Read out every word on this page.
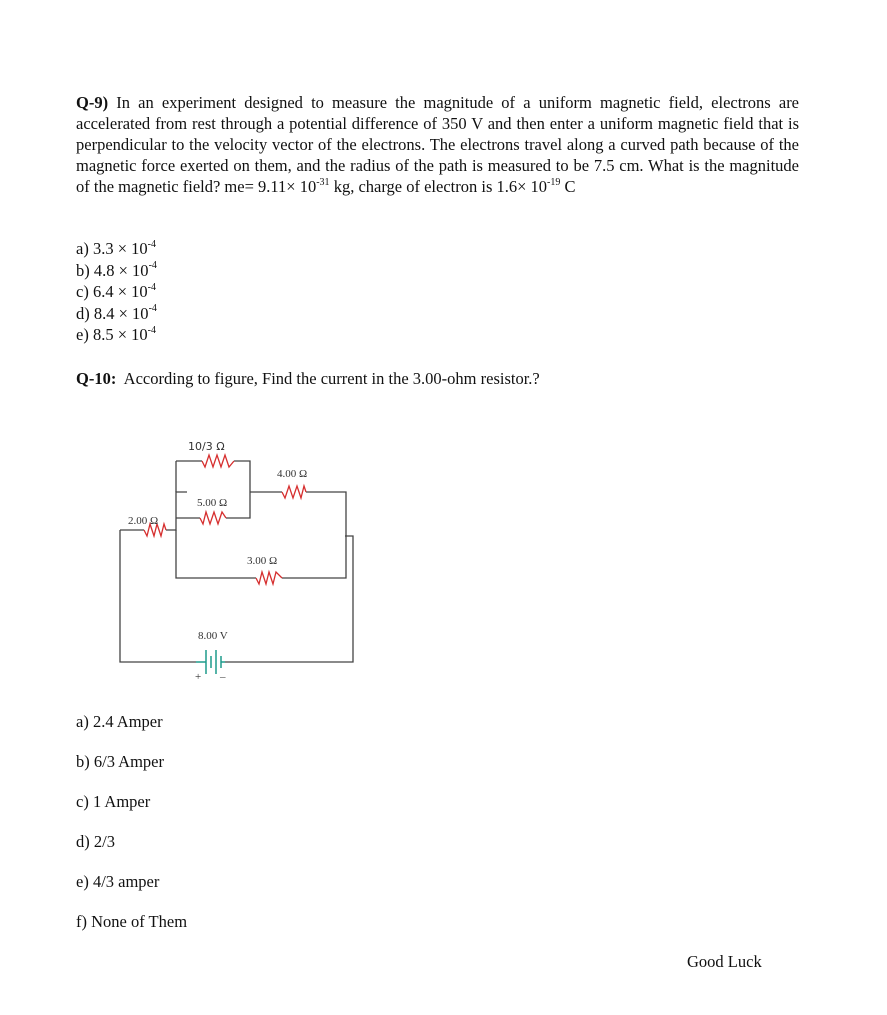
Q-9) In an experiment designed to measure the magnitude of a uniform magnetic field, electrons are accelerated from rest through a potential difference of 350 V and then enter a uniform magnetic field that is perpendicular to the velocity vector of the electrons. The electrons travel along a curved path because of the magnetic force exerted on them, and the radius of the path is measured to be 7.5 cm. What is the magnitude of the magnetic field? $me= 9.11\times 10^{-31}$ kg, charge of electron is $1.6\times 10^{-19}$ C
a) $3.3 \times 10^{-4}$
b) $4.8 \times 10^{-4}$
c) $6.4 \times 10^{-4}$
d) $8.4 \times 10^{-4}$
e) $8.5 \times 10^{-4}$
Q-10: According to figure, Find the current in the 3.00-ohm resistor.?
10/3 Ω
4.00 Ω
5.00 Ω
2.00 Ω
3.00 Ω
8.00 V
+ –
a) 2.4 Amper
b) 6/3 Amper
c) 1 Amper
d) 2/3
e) 4/3 amper
f) None of Them
Good Luck
